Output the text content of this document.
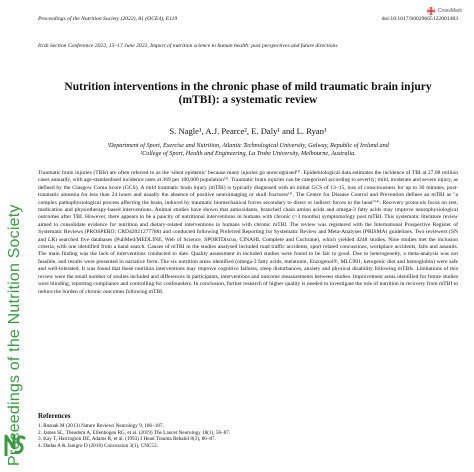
Proceedings of the Nutrition Society
CrossMark
Proceedings of the Nutrition Society (2022), 81 (OCE4), E119	doi:10.1017/S0029665122001483
Irish Section Conference 2022, 15–17 June 2022, Impact of nutrition science to human health: past perspectives and future directions
Nutrition interventions in the chronic phase of mild traumatic brain injury
(mTBI): a systematic review
S. Nagle¹, A.J. Pearce², E. Daly¹ and L. Ryan¹
¹Department of Sport, Exercise and Nutrition, Atlantic Technological University, Galway, Republic of Ireland and
²College of Sport, Health and Engineering, La Trobe University, Melbourne, Australia.

Traumatic brain injuries (TBIs) are often referred to as the 'silent epidemic' because many injuries go unrecognised⁽¹⁾. Epidemiological data estimates the incidence of TBI at 27.08 million cases annually, with age-standardised incidence rates at 369 per 100,000 population⁽²⁾. Traumatic brain injuries can be categorised according to severity; mild, moderate and severe injury, as defined by the Glasgow Coma Score (GCS). A mild traumatic brain injury (mTBI) is typically diagnosed with an initial GCS of 13–15, loss of consciousness for up to 30 minutes, post-traumatic amnesia for less than 24 hours and usually the absence of positive neuroimaging or skull fractures⁽³⁾. The Centre for Disease Control and Prevention defines an mTBI as "a complex pathophysiological process affecting the brain, induced by traumatic biomechanical forces secondary to direct or indirect forces to the head"⁽⁴⁾. Recovery protocols focus on rest, medication and physiotherapy-based interventions. Animal studies have shown that antioxidants, branched chain amino acids and omega-3 fatty acids may improve neurophysiological outcomes after TBI. However, there appears to be a paucity of nutritional interventions in humans with chronic (>3 months) symptomology post mTBI. This systematic literature review aimed to consolidate evidence for nutrition and dietary-related interventions in humans with chronic mTBI. The review was registered with the International Prospective Register of Systematic Reviews (PROSPERO; CRD42021277788) and conducted following Preferred Reporting for Systematic Review and Meta-Analyses (PRISMA) guidelines. Two reviewers (SN and LR) searched five databases (PubMed/MEDLINE, Web of Science, SPORTDiscus, CINAHL Complete and Cochrane), which yielded 4248 studies. Nine studies met the inclusion criteria, with one identified from a hand search. Causes of mTBI in the studies analysed included road traffic accidents, sport related concussions, workplace accidents, falls and assaults. The main finding was the lack of interventions conducted to date. Quality assessment in included studies were found to be fair to good. Due to heterogeneity, a meta-analysis was not feasible, and results were presented in narrative form. The six nutrition areas identified (omega-3 fatty acids, melatonin, Enzogenol®, MLC901, ketogenic diet and hemoglobin) were safe and well-tolerated. It was found that these nutrition interventions may improve cognitive failures, sleep disturbances, anxiety and physical disability following mTBIs. Limitations of this review were the small number of studies included and differences in participants, interventions and outcome measurements between studies. Improvement areas identified for future studies were blinding, reporting compliance and controlling for confounders. In conclusion, further research of higher quality is needed to investigate the role of nutrition in recovery from mTBI to reduce the burden of chronic outcomes following mTBI.

References
1. Rusnak M (2013) Nature Reviews Neurology 9, 186–187.
2. James SL, Theadom A, Ellenbogen RG, et al. (2019) The Lancet Neurology 18(1), 56–87.
3. Kay T, Harrington DE, Adams R, et al. (1993) J Head Trauma Rehabil 8(3), 86–87.
4. Dadas A & Janigro D (2018) Concussion 3(1), CNC53.
